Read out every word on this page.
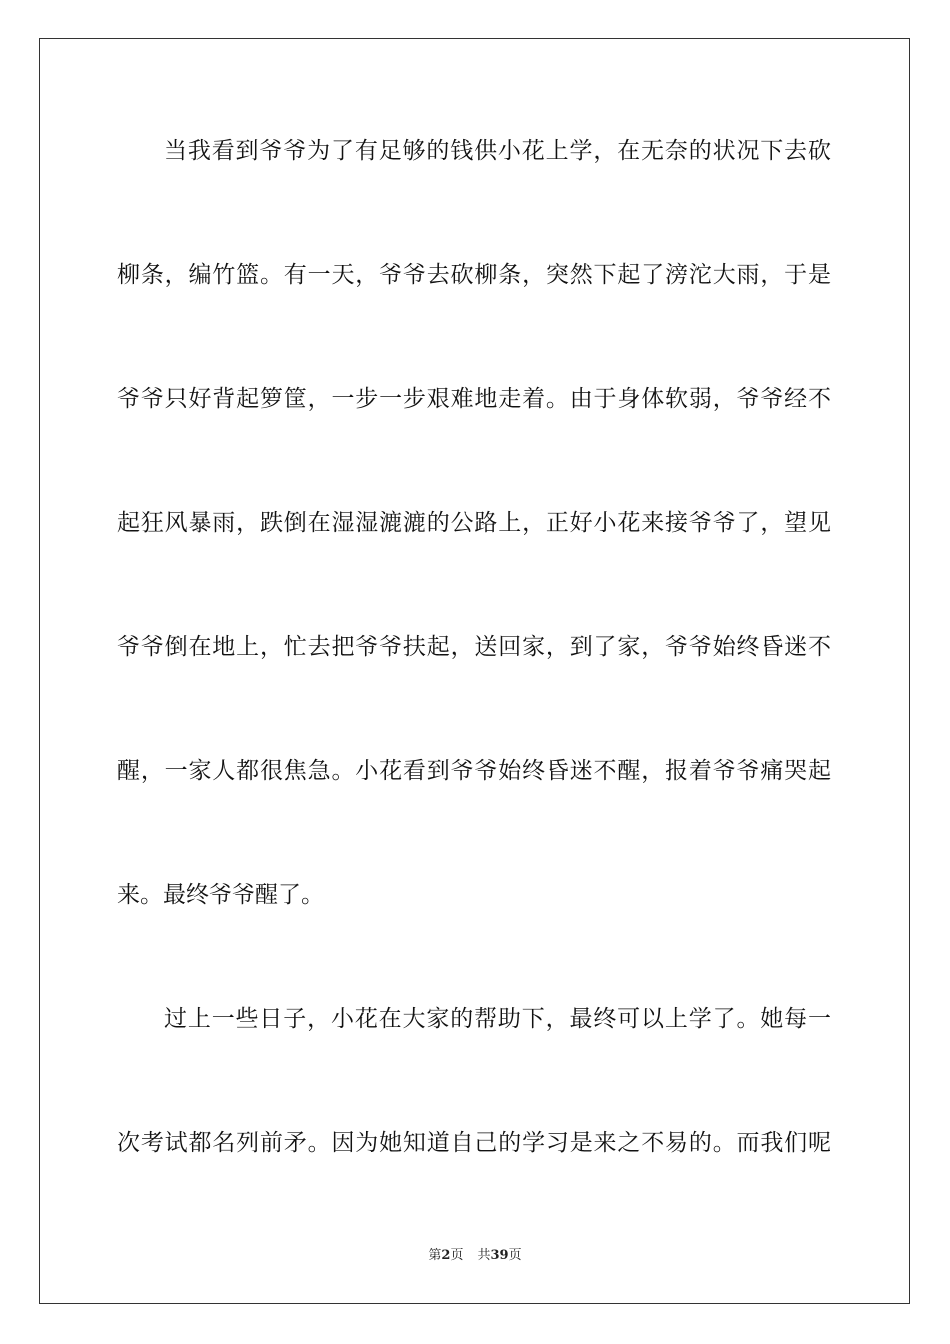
当我看到爷爷为了有足够的钱供小花上学，在无奈的状况下去砍
柳条，编竹篮。有一天，爷爷去砍柳条，突然下起了滂沱大雨，于是
爷爷只好背起箩筐，一步一步艰难地走着。由于身体软弱，爷爷经不
起狂风暴雨，跌倒在湿湿漉漉的公路上，正好小花来接爷爷了，望见
爷爷倒在地上，忙去把爷爷扶起，送回家，到了家，爷爷始终昏迷不
醒，一家人都很焦急。小花看到爷爷始终昏迷不醒，报着爷爷痛哭起
来。最终爷爷醒了。
过上一些日子，小花在大家的帮助下，最终可以上学了。她每一
次考试都名列前矛。因为她知道自己的学习是来之不易的。而我们呢
第2页 共39页
